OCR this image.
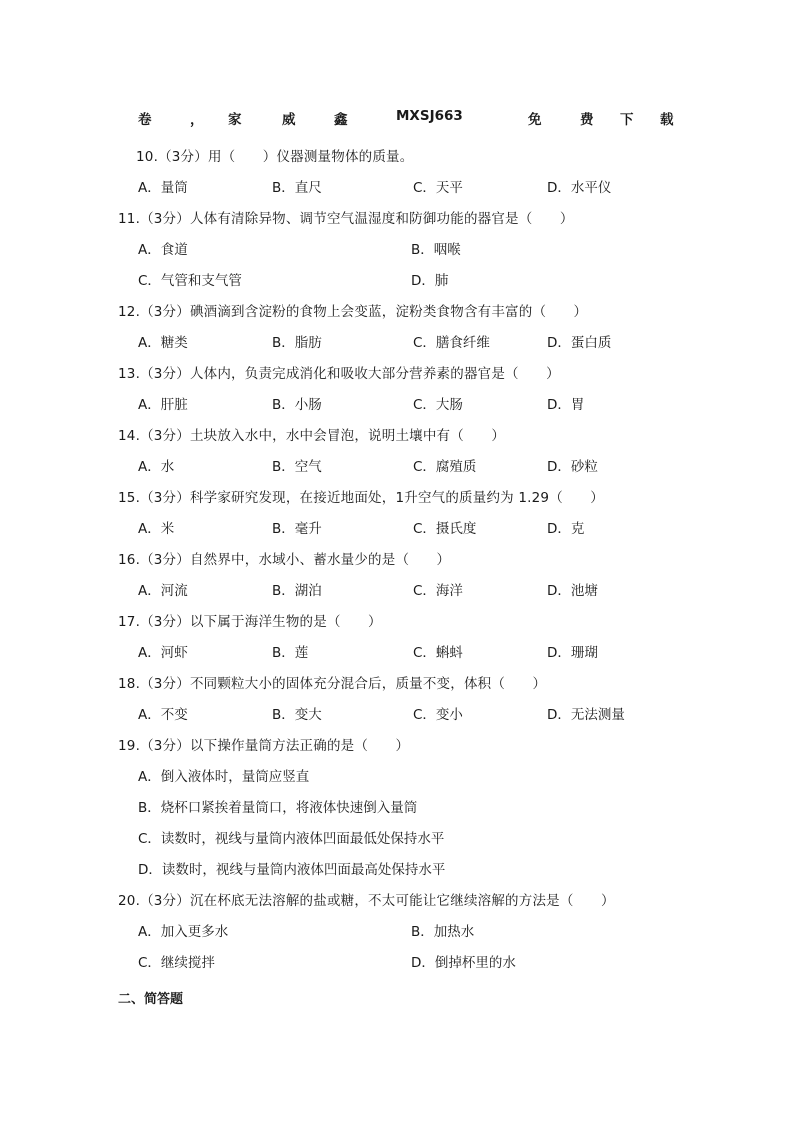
卷	， 家	威	鑫	MXSJ663	免	费 下 载
10.（3分）用（　　）仪器测量物体的质量。
A．量筒	B．直尺	C．天平	D．水平仪
11.（3分）人体有清除异物、调节空气温湿度和防御功能的器官是（　　）
A．食道	B．咽喉
C．气管和支气管	D．肺
12.（3分）碘酒滴到含淀粉的食物上会变蓝，淀粉类食物含有丰富的（　　）
A．糖类	B．脂肪	C．膳食纤维	D．蛋白质
13.（3分）人体内，负责完成消化和吸收大部分营养素的器官是（　　）
A．肝脏	B．小肠	C．大肠	D．胃
14.（3分）土块放入水中，水中会冒泡，说明土壤中有（　　）
A．水	B．空气	C．腐殖质	D．砂粒
15.（3分）科学家研究发现，在接近地面处，1升空气的质量约为 1.29（　　）
A．米	B．毫升	C．摄氏度	D．克
16.（3分）自然界中，水域小、蓄水量少的是（　　）
A．河流	B．湖泊	C．海洋	D．池塘
17.（3分）以下属于海洋生物的是（　　）
A．河虾	B．莲	C．蝌蚪	D．珊瑚
18.（3分）不同颗粒大小的固体充分混合后，质量不变，体积（　　）
A．不变	B．变大	C．变小	D．无法测量
19.（3分）以下操作量筒方法正确的是（　　）
A．倒入液体时，量筒应竖直
B．烧杯口紧挨着量筒口，将液体快速倒入量筒
C．读数时，视线与量筒内液体凹面最低处保持水平
D．读数时，视线与量筒内液体凹面最高处保持水平
20.（3分）沉在杯底无法溶解的盐或糖，不太可能让它继续溶解的方法是（　　）
A．加入更多水	B．加热水
C．继续搅拌	D．倒掉杯里的水
二、简答题
